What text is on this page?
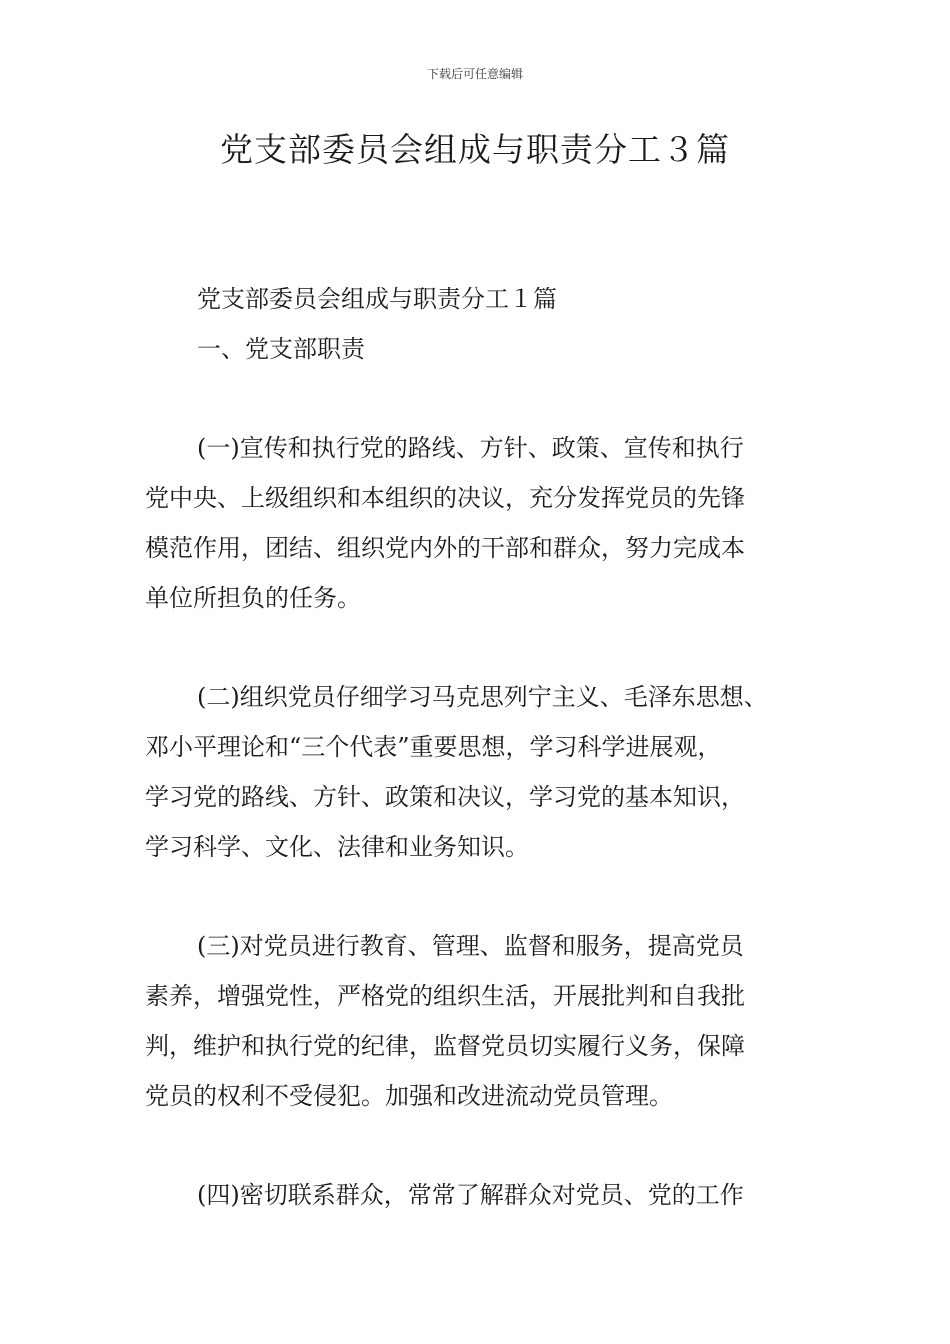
下载后可任意编辑
党支部委员会组成与职责分工３篇

党支部委员会组成与职责分工１篇

一、党支部职责

(一)宣传和执行党的路线、方针、政策、宣传和执行

党中央、上级组织和本组织的决议，充分发挥党员的先锋

模范作用，团结、组织党内外的干部和群众，努力完成本

单位所担负的任务。

(二)组织党员仔细学习马克思列宁主义、毛泽东思想、

邓小平理论和“三个代表”重要思想，学习科学进展观，

学习党的路线、方针、政策和决议，学习党的基本知识，

学习科学、文化、法律和业务知识。

(三)对党员进行教育、管理、监督和服务，提高党员

素养，增强党性，严格党的组织生活，开展批判和自我批

判，维护和执行党的纪律，监督党员切实履行义务，保障

党员的权利不受侵犯。加强和改进流动党员管理。

(四)密切联系群众，常常了解群众对党员、党的工作
